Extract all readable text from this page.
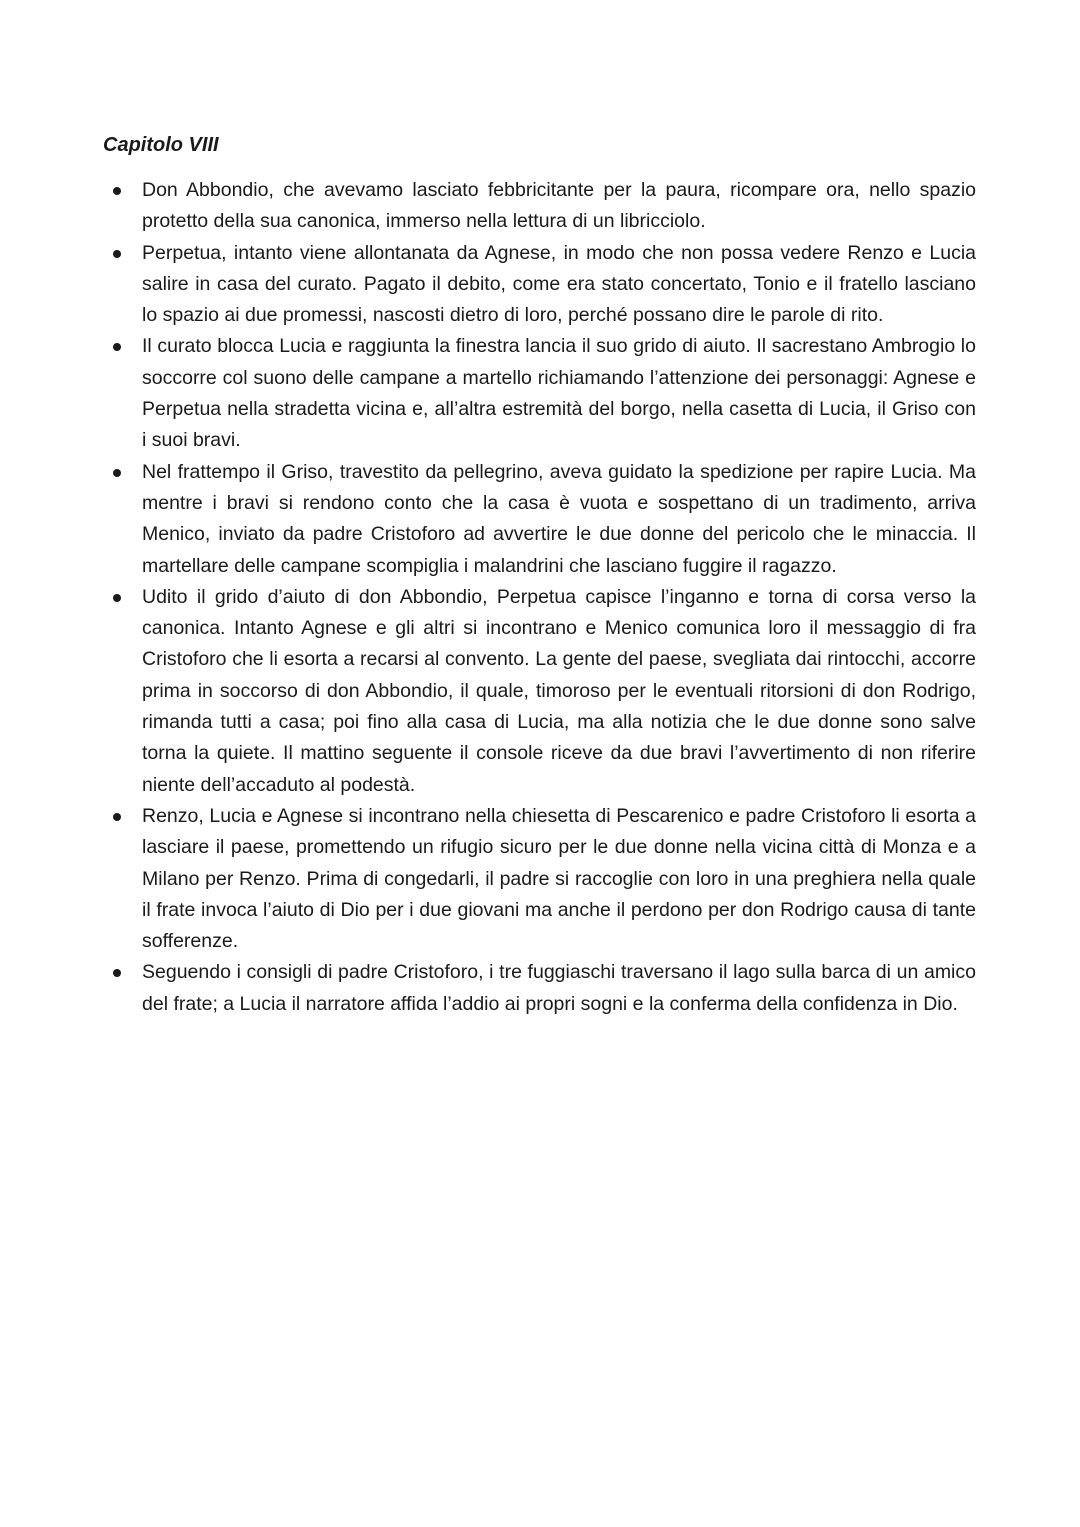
Capitolo VIII
Don Abbondio, che avevamo lasciato febbricitante per la paura, ricompare ora, nello spazio protetto della sua canonica, immerso nella lettura di un libricciolo.
Perpetua, intanto viene allontanata da Agnese, in modo che non possa vedere Renzo e Lucia salire in casa del curato. Pagato il debito, come era stato concertato, Tonio e il fratello lasciano lo spazio ai due promessi, nascosti dietro di loro, perché possano dire le parole di rito.
Il curato blocca Lucia e raggiunta la finestra lancia il suo grido di aiuto. Il sacrestano Ambrogio lo soccorre col suono delle campane a martello richiamando l’attenzione dei personaggi: Agnese e Perpetua nella stradetta vicina e, all’altra estremità del borgo, nella casetta di Lucia, il Griso con i suoi bravi.
Nel frattempo il Griso, travestito da pellegrino, aveva guidato la spedizione per rapire Lucia. Ma mentre i bravi si rendono conto che la casa è vuota e sospettano di un tradimento, arriva Menico, inviato da padre Cristoforo ad avvertire le due donne del pericolo che le minaccia. Il martellare delle campane scompiglia i malandrini che lasciano fuggire il ragazzo.
Udito il grido d’aiuto di don Abbondio, Perpetua capisce l’inganno e torna di corsa verso la canonica. Intanto Agnese e gli altri si incontrano e Menico comunica loro il messaggio di fra Cristoforo che li esorta a recarsi al convento. La gente del paese, svegliata dai rintocchi, accorre prima in soccorso di don Abbondio, il quale, timoroso per le eventuali ritorsioni di don Rodrigo, rimanda tutti a casa; poi fino alla casa di Lucia, ma alla notizia che le due donne sono salve torna la quiete. Il mattino seguente il console riceve da due bravi l’avvertimento di non riferire niente dell’accaduto al podestà.
Renzo, Lucia e Agnese si incontrano nella chiesetta di Pescarenico e padre Cristoforo li esorta a lasciare il paese, promettendo un rifugio sicuro per le due donne nella vicina città di Monza e a Milano per Renzo. Prima di congedarli, il padre si raccoglie con loro in una preghiera nella quale il frate invoca l’aiuto di Dio per i due giovani ma anche il perdono per don Rodrigo causa di tante sofferenze.
Seguendo i consigli di padre Cristoforo, i tre fuggiaschi traversano il lago sulla barca di un amico del frate; a Lucia il narratore affida l’addio ai propri sogni e la conferma della confidenza in Dio.
